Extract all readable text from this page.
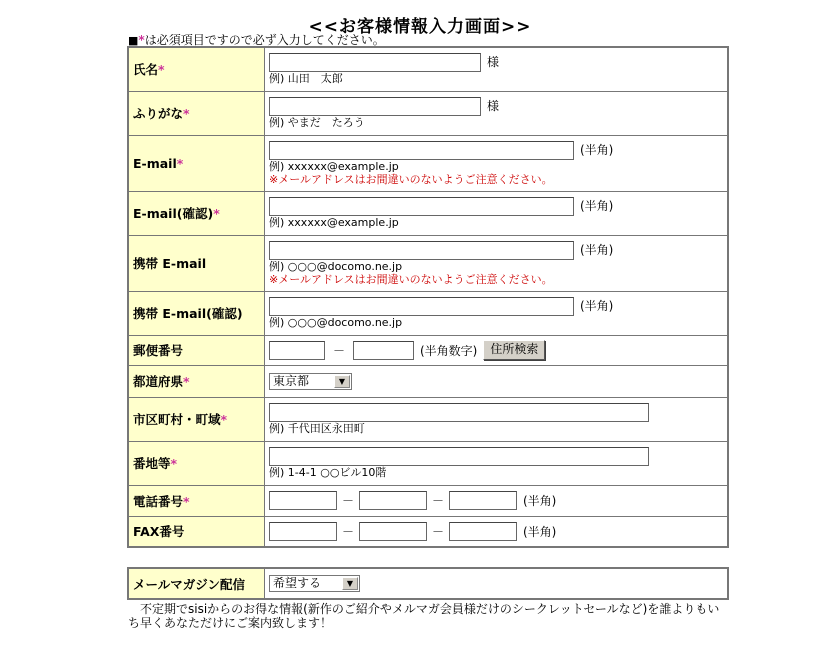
<<お客様情報入力画面>>
■*は必須項目ですので必ず入力してください。
氏名*	様
例) 山田　太郎

ふりがな*	様
例) やまだ　たろう

E-mail*	(半角)
例) xxxxxx@example.jp
※メールアドレスはお間違いのないようご注意ください。

E-mail(確認)*	(半角)
例) xxxxxx@example.jp

携帯 E-mail	(半角)
例) ○○○@docomo.ne.jp
※メールアドレスはお間違いのないようご注意ください。

携帯 E-mail(確認)	(半角)
例) ○○○@docomo.ne.jp

郵便番号	－ (半角数字) 住所検索
都道府県*	東京都 ▼

市区町村・町域*	例) 千代田区永田町

番地等*	例) 1-4-1 ○○ビル10階

電話番号*	－ － (半角)
FAX番号	－ － (半角)
メールマガジン配信	希望する	▼
不定期でsisiからのお得な情報(新作のご紹介やメルマガ会員様だけのシークレットセールなど)を誰よりもいち早くあなただけにご案内致します！
